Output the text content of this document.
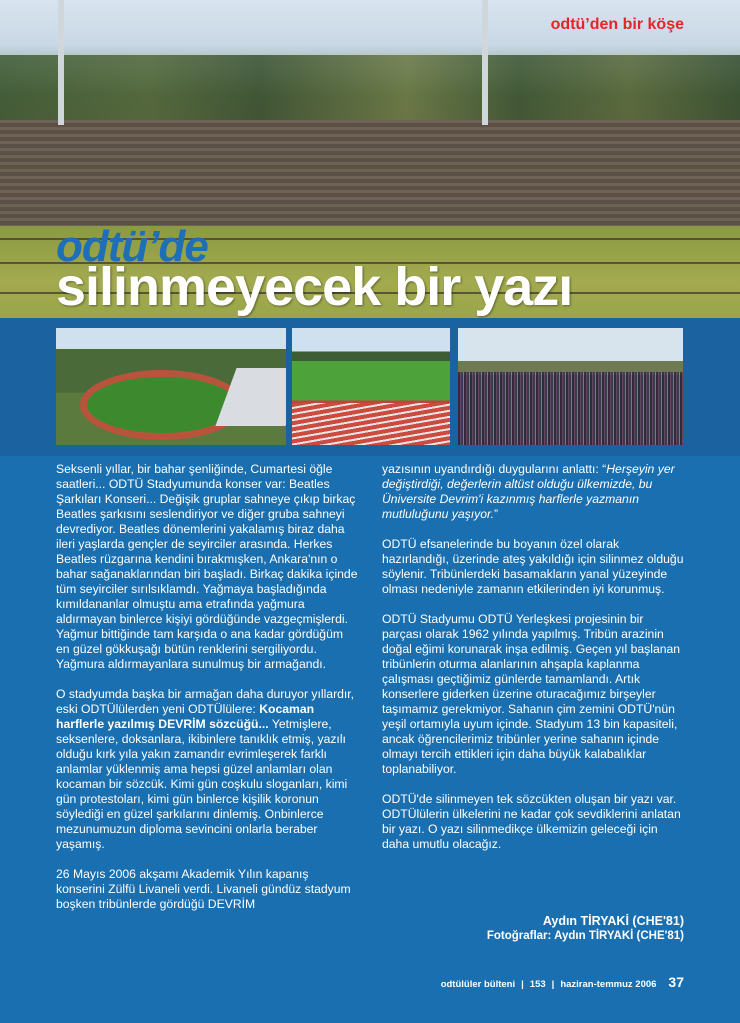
odtü’den bir köşe
odtü’de
silinmeyecek bir yazı

Seksenli yıllar, bir bahar şenliğinde, Cumartesi öğle saatleri... ODTÜ Stadyumunda konser var: Beatles Şarkıları Konseri... Değişik gruplar sahneye çıkıp birkaç Beatles şarkısını seslendiriyor ve diğer gruba sahneyi devrediyor. Beatles dönemlerini yakalamış biraz daha ileri yaşlarda gençler de seyirciler arasında. Herkes Beatles rüzgarına kendini bırakmışken, Ankara'nın o bahar sağanaklarından biri başladı. Birkaç dakika içinde tüm seyirciler sırılsıklamdı. Yağmaya başladığında kımıldananlar olmuştu ama etrafında yağmura aldırmayan binlerce kişiyi gördüğünde vazgeçmişlerdi. Yağmur bittiğinde tam karşıda o ana kadar gördüğüm en güzel gökkuşağı bütün renklerini sergiliyordu. Yağmura aldırmayanlara sunulmuş bir armağandı.

O stadyumda başka bir armağan daha duruyor yıllardır, eski ODTÜlülerden yeni ODTÜlülere: Kocaman harflerle yazılmış DEVRİM sözcüğü... Yetmişlere, seksenlere, doksanlara, ikibinlere tanıklık etmiş, yazılı olduğu kırk yıla yakın zamandır evrimleşerek farklı anlamlar yüklenmiş ama hepsi güzel anlamları olan kocaman bir sözcük. Kimi gün coşkulu sloganları, kimi gün protestoları, kimi gün binlerce kişilik koronun söylediği en güzel şarkılarını dinlemiş. Onbinlerce mezunumuzun diploma sevincini onlarla beraber yaşamış.

26 Mayıs 2006 akşamı Akademik Yılın kapanış konserini Zülfü Livaneli verdi. Livaneli gündüz stadyum boşken tribünlerde gördüğü DEVRİM

yazısının uyandırdığı duygularını anlattı: “Herşeyin yer değiştirdiği, değerlerin altüst olduğu ülkemizde, bu Üniversite Devrim'i kazınmış harflerle yazmanın mutluluğunu yaşıyor.”

ODTÜ efsanelerinde bu boyanın özel olarak hazırlandığı, üzerinde ateş yakıldığı için silinmez olduğu söylenir. Tribünlerdeki basamakların yanal yüzeyinde olması nedeniyle zamanın etkilerinden iyi korunmuş.

ODTÜ Stadyumu ODTÜ Yerleşkesi projesinin bir parçası olarak 1962 yılında yapılmış. Tribün arazinin doğal eğimi korunarak inşa edilmiş. Geçen yıl başlanan tribünlerin oturma alanlarının ahşapla kaplanma çalışması geçtiğimiz günlerde tamamlandı. Artık konserlere giderken üzerine oturacağımız birşeyler taşımamız gerekmiyor. Sahanın çim zemini ODTÜ'nün yeşil ortamıyla uyum içinde. Stadyum 13 bin kapasiteli, ancak öğrencilerimiz tribünler yerine sahanın içinde olmayı tercih ettikleri için daha büyük kalabalıklar toplanabiliyor.

ODTÜ'de silinmeyen tek sözcükten oluşan bir yazı var. ODTÜlülerin ülkelerini ne kadar çok sevdiklerini anlatan bir yazı. O yazı silinmedikçe ülkemizin geleceği için daha umutlu olacağız.

Aydın TİRYAKİ (CHE'81)
Fotoğraflar: Aydın TİRYAKİ (CHE'81)
odtülüler bülteni | 153 | haziran-temmuz 2006 37
